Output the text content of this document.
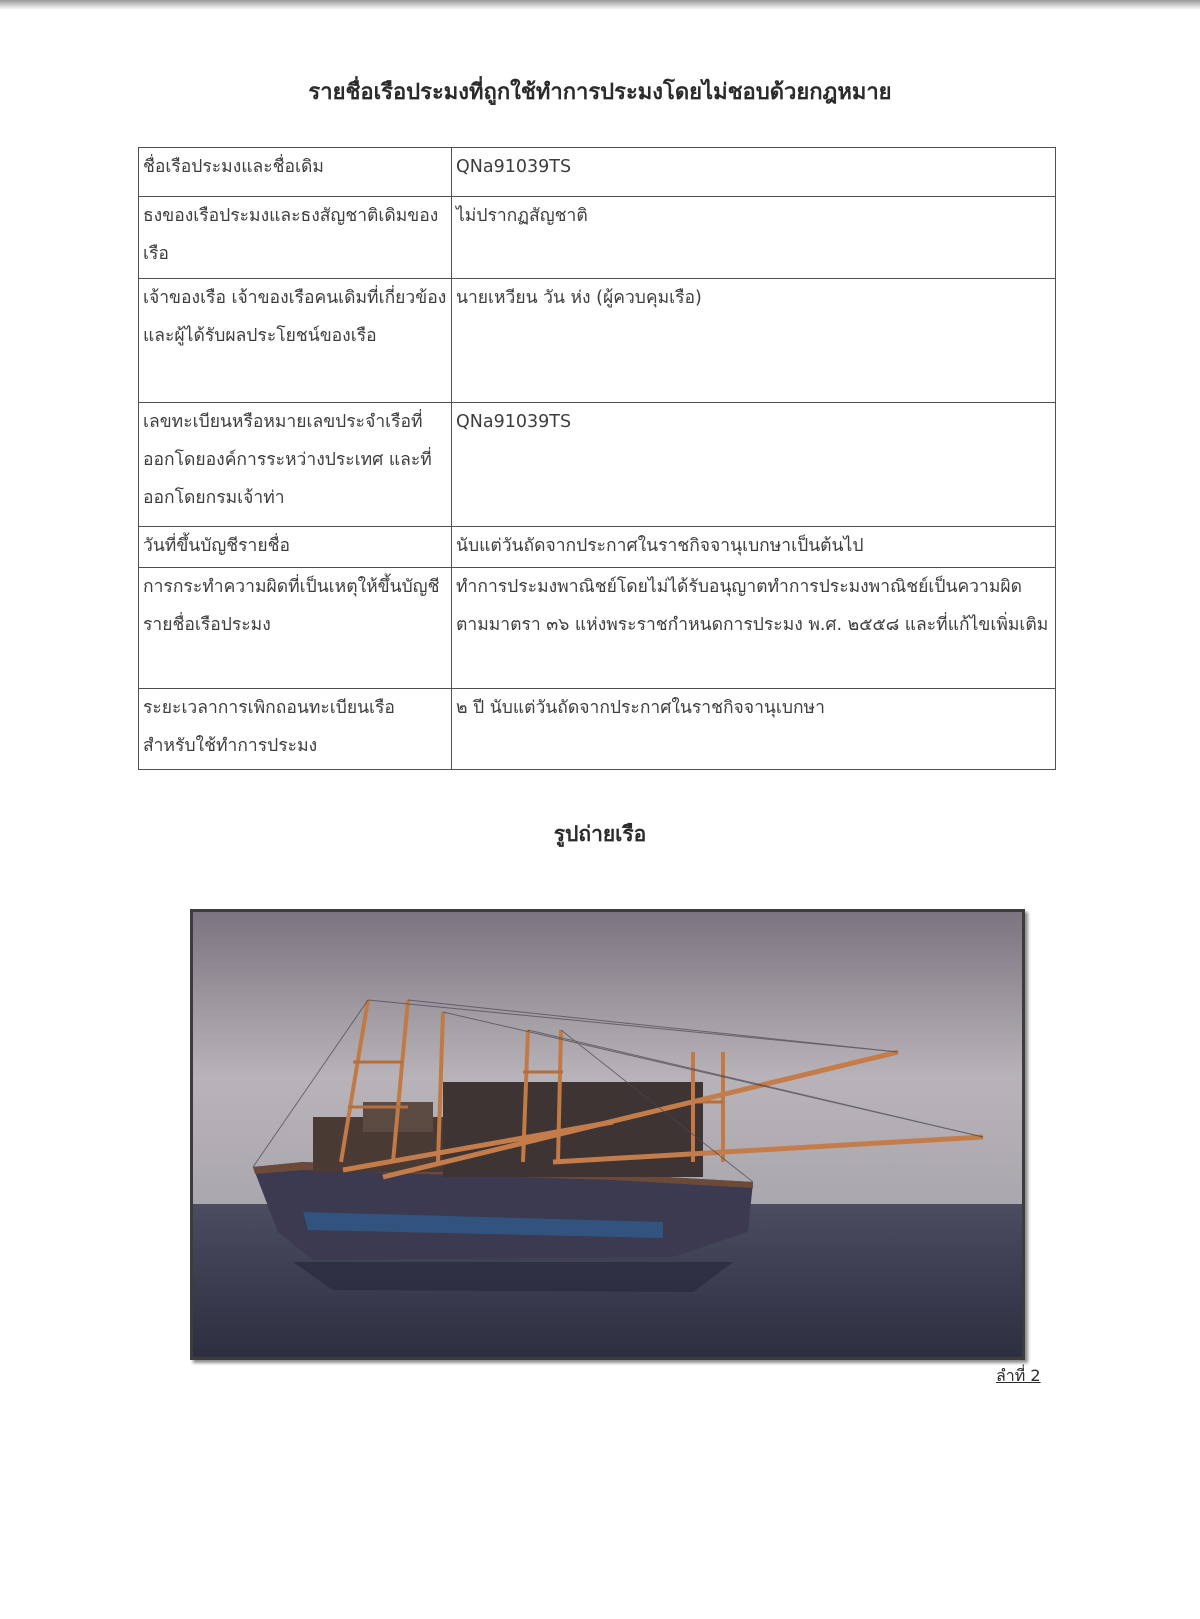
รายชื่อเรือประมงที่ถูกใช้ทำการประมงโดยไม่ชอบด้วยกฎหมาย
ชื่อเรือประมงและชื่อเดิม	QNa91039TS
ธงของเรือประมงและธงสัญชาติเดิมของเรือ	ไม่ปรากฏสัญชาติ
เจ้าของเรือ เจ้าของเรือคนเดิมที่เกี่ยวข้อง และผู้ได้รับผลประโยชน์ของเรือ	นายเหวียน วัน ห่ง (ผู้ควบคุมเรือ)
เลขทะเบียนหรือหมายเลขประจำเรือที่ออกโดยองค์การระหว่างประเทศ และที่ออกโดยกรมเจ้าท่า	QNa91039TS
วันที่ขึ้นบัญชีรายชื่อ	นับแต่วันถัดจากประกาศในราชกิจจานุเบกษาเป็นต้นไป
การกระทำความผิดที่เป็นเหตุให้ขึ้นบัญชีรายชื่อเรือประมง	ทำการประมงพาณิชย์โดยไม่ได้รับอนุญาตทำการประมงพาณิชย์เป็นความผิดตามมาตรา ๓๖ แห่งพระราชกำหนดการประมง พ.ศ. ๒๕๕๘ และที่แก้ไขเพิ่มเติม
ระยะเวลาการเพิกถอนทะเบียนเรือสำหรับใช้ทำการประมง	๒ ปี นับแต่วันถัดจากประกาศในราชกิจจานุเบกษา
รูปถ่ายเรือ
ลำที่ 2
